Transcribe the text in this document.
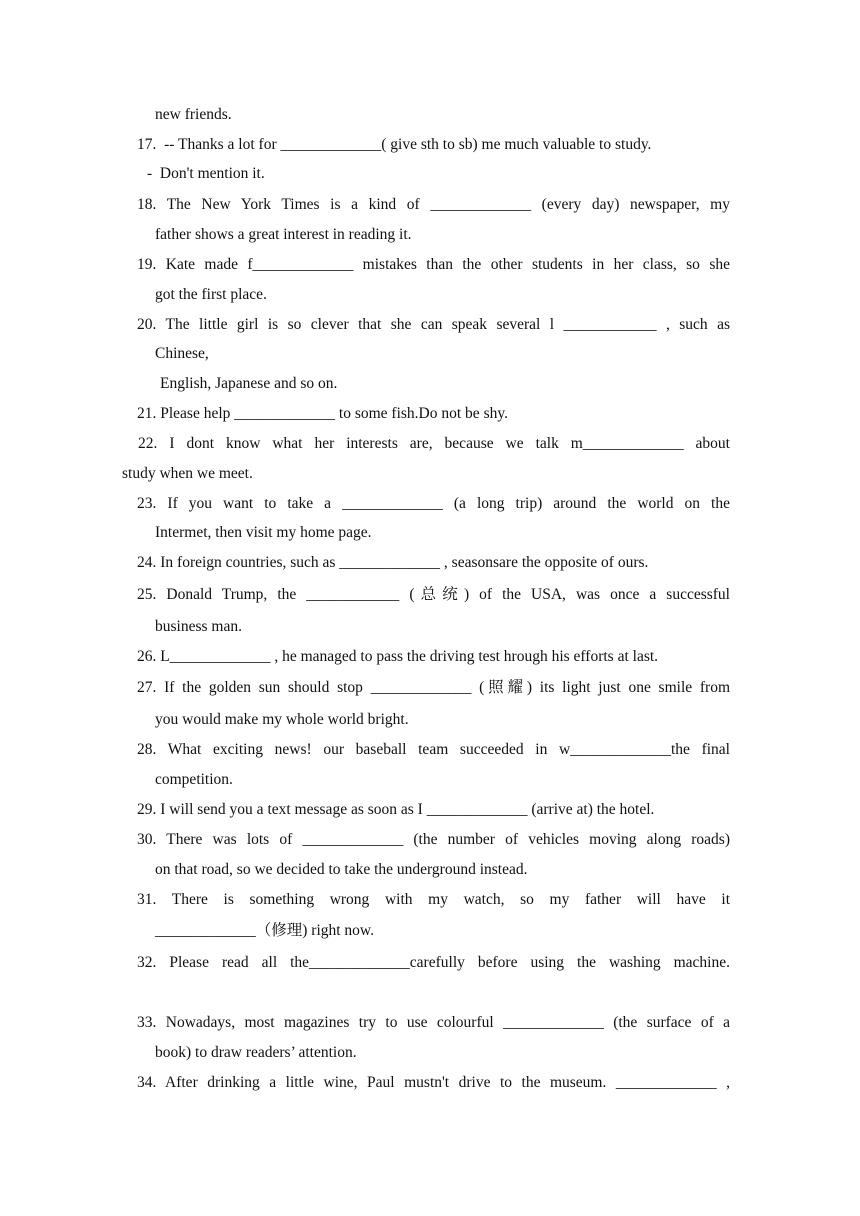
new friends.
17.  -- Thanks a lot for _____________( give sth to sb) me much valuable to study.
-  Don't mention it.
18. The New York Times is a kind of _____________ (every day) newspaper, my
father shows a great interest in reading it.
19. Kate made f_____________ mistakes than the other students in her class, so she
got the first place.
20. The little girl is so clever that she can speak several l ____________ , such as
Chinese,
English, Japanese and so on.
21. Please help _____________ to some fish.Do not be shy.
22. I dont know what her interests are, because we talk m_____________ about
study when we meet.
23. If you want to take a _____________ (a long trip) around the world on the
Intermet, then visit my home page.
24. In foreign countries, such as _____________ , seasonsare the opposite of ours.
25. Donald Trump, the ____________ (总统) of the USA, was once a successful
business man.
26. L_____________ , he managed to pass the driving test hrough his efforts at last.
27. If the golden sun should stop _____________ (照耀) its light just one smile from
you would make my whole world bright.
28. What exciting news! our baseball team succeeded in w_____________the final
competition.
29. I will send you a text message as soon as I _____________ (arrive at) the hotel.
30. There was lots of _____________ (the number of vehicles moving along roads)
on that road, so we decided to take the underground instead.
31. There is something wrong with my watch, so my father will have it
_____________（修理) right now.
32. Please read all the_____________carefully before using the washing machine.
33. Nowadays, most magazines try to use colourful _____________ (the surface of a
book) to draw readers’ attention.
34. After drinking a little wine, Paul mustn't drive to the museum. _____________ ,
